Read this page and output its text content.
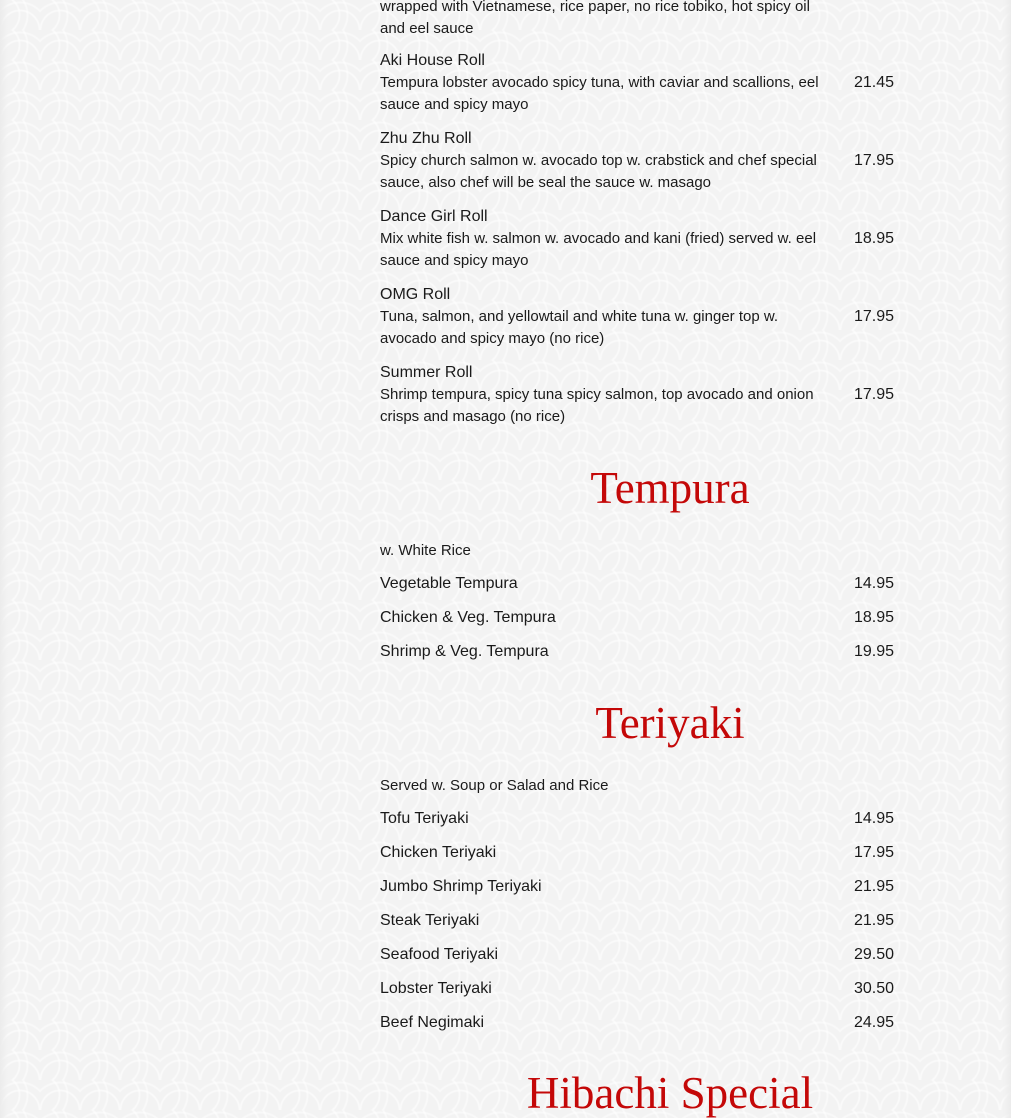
wrapped with Vietnamese, rice paper, no rice tobiko, hot spicy oil and eel sauce
Aki House Roll
Tempura lobster avocado spicy tuna, with caviar and scallions, eel sauce and spicy mayo
21.45
Zhu Zhu Roll
Spicy church salmon w. avocado top w. crabstick and chef special sauce, also chef will be seal the sauce w. masago
17.95
Dance Girl Roll
Mix white fish w. salmon w. avocado and kani (fried) served w. eel sauce and spicy mayo
18.95
OMG Roll
Tuna, salmon, and yellowtail and white tuna w. ginger top w. avocado and spicy mayo (no rice)
17.95
Summer Roll
Shrimp tempura, spicy tuna spicy salmon, top avocado and onion crisps and masago (no rice)
17.95
Tempura
w. White Rice
Vegetable Tempura	14.95
Chicken & Veg. Tempura	18.95
Shrimp & Veg. Tempura	19.95
Teriyaki
Served w. Soup or Salad and Rice
Tofu Teriyaki	14.95
Chicken Teriyaki	17.95
Jumbo Shrimp Teriyaki	21.95
Steak Teriyaki	21.95
Seafood Teriyaki	29.50
Lobster Teriyaki	30.50
Beef Negimaki	24.95
Hibachi Special
